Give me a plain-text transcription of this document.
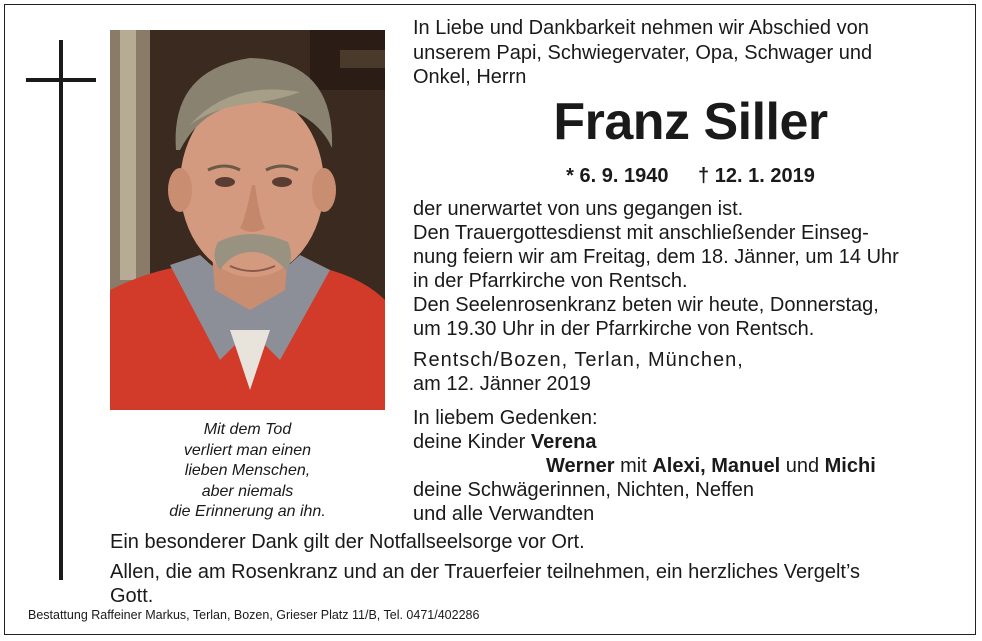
Mit dem Tod
verliert man einen
lieben Menschen,
aber niemals
die Erinnerung an ihn.
In Liebe und Dankbarkeit nehmen wir Abschied von
unserem Papi, Schwiegervater, Opa, Schwager und
Onkel, Herrn
Franz Siller
* 6. 9. 1940 † 12. 1. 2019
der unerwartet von uns gegangen ist.
Den Trauergottesdienst mit anschließender Einseg-
nung feiern wir am Freitag, dem 18. Jänner, um 14 Uhr
in der Pfarrkirche von Rentsch.
Den Seelenrosenkranz beten wir heute, Donnerstag,
um 19.30 Uhr in der Pfarrkirche von Rentsch.
Rentsch/Bozen, Terlan, München,
am 12. Jänner 2019
In liebem Gedenken:
deine Kinder Verena
Werner mit Alexi, Manuel und Michi
deine Schwägerinnen, Nichten, Neffen
und alle Verwandten
Ein besonderer Dank gilt der Notfallseelsorge vor Ort.
Allen, die am Rosenkranz und an der Trauerfeier teilnehmen, ein herzliches Vergelt’s
Gott.
Bestattung Raffeiner Markus, Terlan, Bozen, Grieser Platz 11/B, Tel. 0471/402286
